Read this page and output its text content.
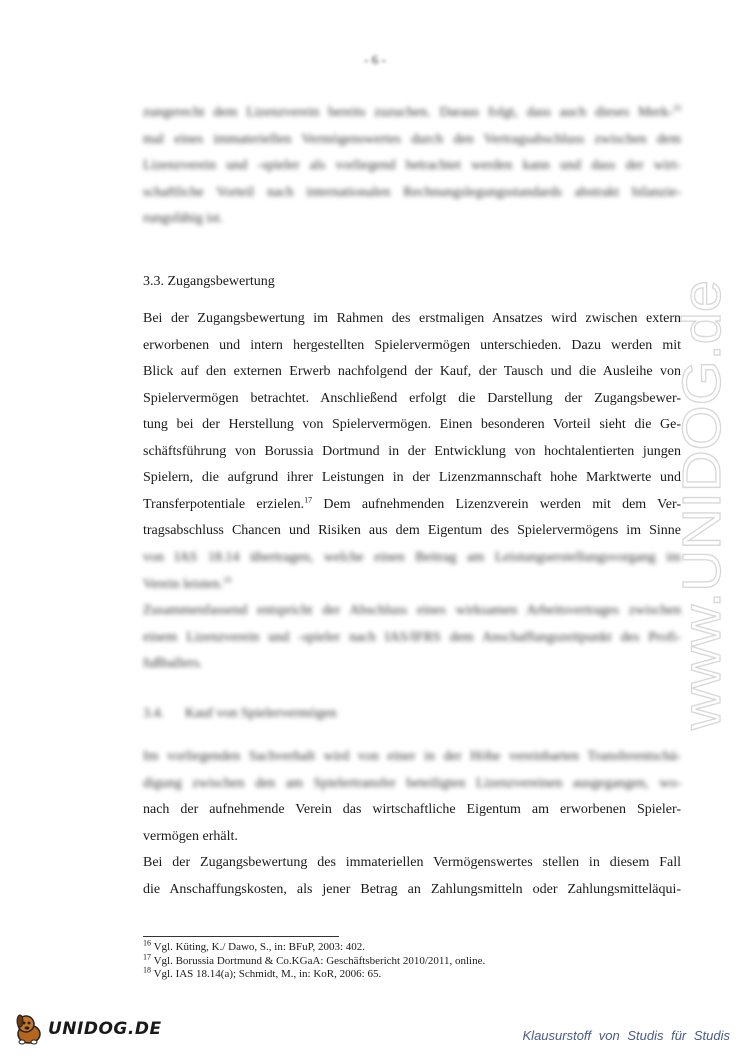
- 6 -

zungerecht dem Lizenzverein bereits zuzuchen. Daraus folgt, dass auch dieses Merk-$^{16}$
mal eines immateriellen Vermögenswertes durch den Vertragsabschluss zwischen dem
Lizenzverein und -spieler als vorliegend betrachtet werden kann und dass der wirt-
schaftliche Vorteil nach internationalen Rechnungslegungsstandards abstrakt bilanzie-
rungsfähig ist.

3.3. Zugangsbewertung

Bei der Zugangsbewertung im Rahmen des erstmaligen Ansatzes wird zwischen extern
erworbenen und intern hergestellten Spielervermögen unterschieden. Dazu werden mit
Blick auf den externen Erwerb nachfolgend der Kauf, der Tausch und die Ausleihe von
Spielervermögen betrachtet. Anschließend erfolgt die Darstellung der Zugangsbewer-
tung bei der Herstellung von Spielervermögen. Einen besonderen Vorteil sieht die Ge-
schäftsführung von Borussia Dortmund in der Entwicklung von hochtalentierten jungen
Spielern, die aufgrund ihrer Leistungen in der Lizenzmannschaft hohe Marktwerte und
Transferpotentiale erzielen.$^{17}$ Dem aufnehmenden Lizenzverein werden mit dem Ver-
tragsabschluss Chancen und Risiken aus dem Eigentum des Spielervermögens im Sinne

von IAS 18.14 übertragen, welche einen Beitrag am Leistungserstellungsvorgang im
Verein leisten.$^{18}$
Zusammenfassend entspricht der Abschluss eines wirksamen Arbeitsvertrages zwischen
einem Lizenzverein und -spieler nach IAS/IFRS dem Anschaffungszeitpunkt des Profi-
fußballers.

3.4.      Kauf von Spielervermögen

Im vorliegenden Sachverhalt wird von einer in der Höhe vereinbarten Transferentschä-
digung zwischen den am Spielertransfer beteiligten Lizenzvereinen ausgegangen, wo-

nach der aufnehmende Verein das wirtschaftliche Eigentum am erworbenen Spieler-
vermögen erhält.
Bei der Zugangsbewertung des immateriellen Vermögenswertes stellen in diesem Fall
die Anschaffungskosten, als jener Betrag an Zahlungsmitteln oder Zahlungsmitteläqui-

$^{16}$ Vgl. Küting, K./ Dawo, S., in: BFuP, 2003: 402.
$^{17}$ Vgl. Borussia Dortmund & Co.KGaA: Geschäftsbericht 2010/2011, online.
$^{18}$ Vgl. IAS 18.14(a); Schmidt, M., in: KoR, 2006: 65.
www.UNIDOG.de
UNIDOG.DE	Klausurstoff von Studis für Studis
